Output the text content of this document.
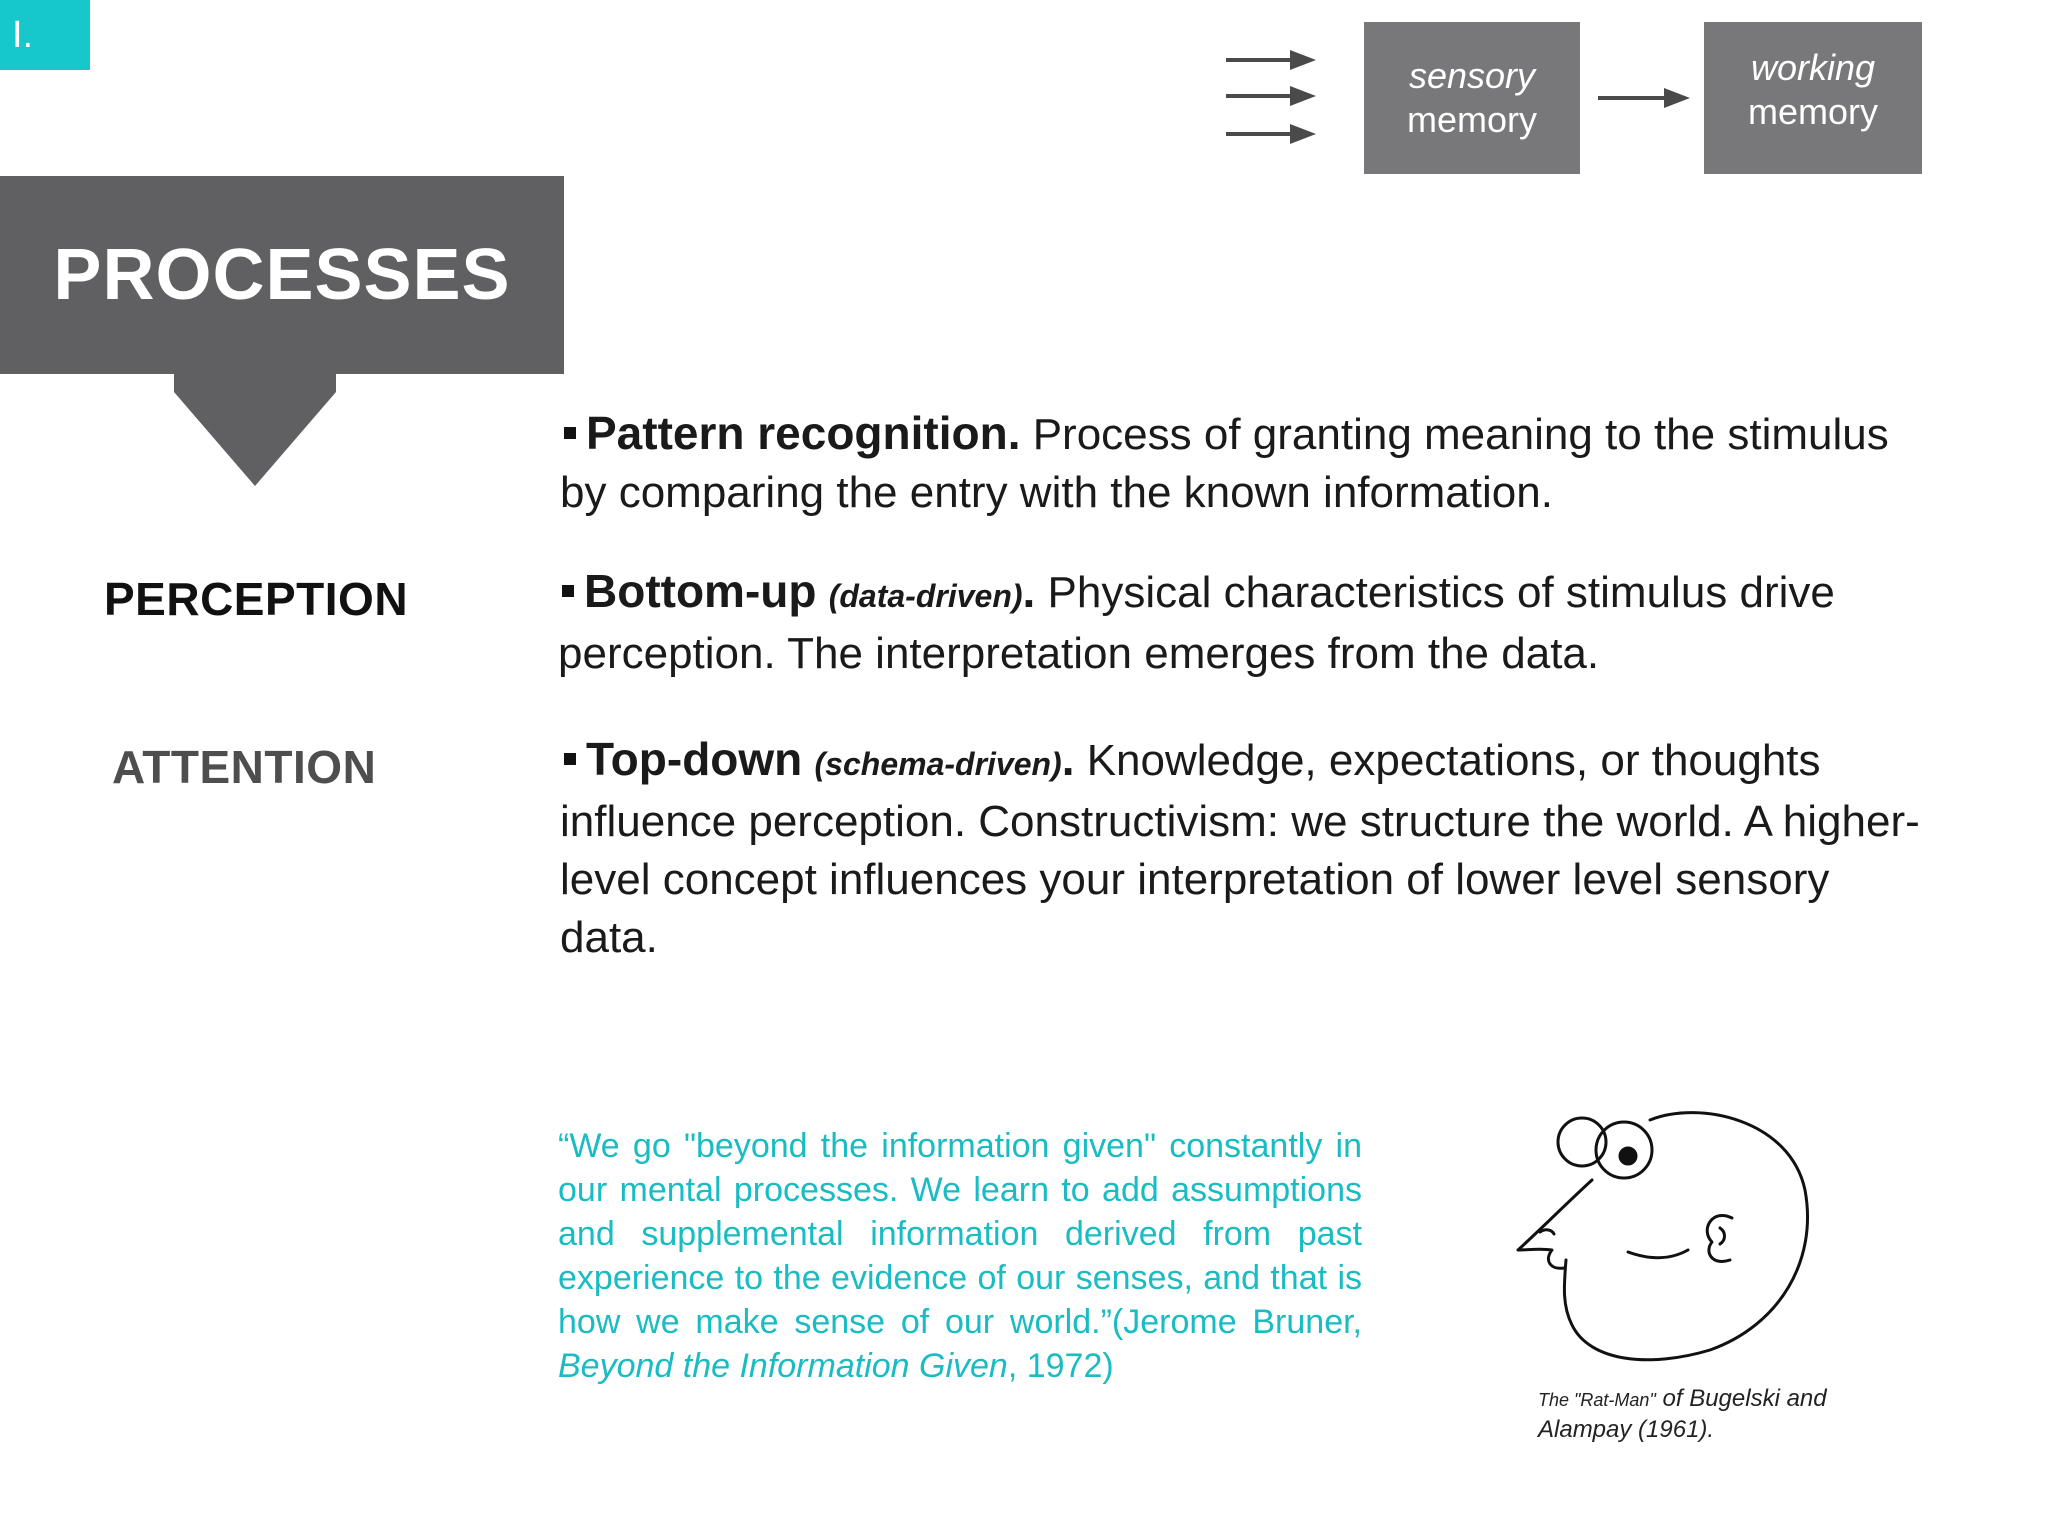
I.
sensory
memory
working
memory
PROCESSES
PERCEPTION
ATTENTION
Pattern recognition. Process of granting meaning to the stimulus by comparing the entry with the known information.
Bottom-up (data-driven). Physical characteristics of stimulus drive perception. The interpretation emerges from the data.
Top-down (schema-driven). Knowledge, expectations, or thoughts influence perception. Constructivism: we structure the world. A higher-level concept influences your interpretation of lower level sensory data.
“We go "beyond the information given" constantly in our mental processes. We learn to add assumptions and supplemental information derived from past experience to the evidence of our senses, and that is how we make sense of our world.”(Jerome Bruner, Beyond the Information Given, 1972)
The "Rat-Man" of Bugelski and Alampay (1961).
